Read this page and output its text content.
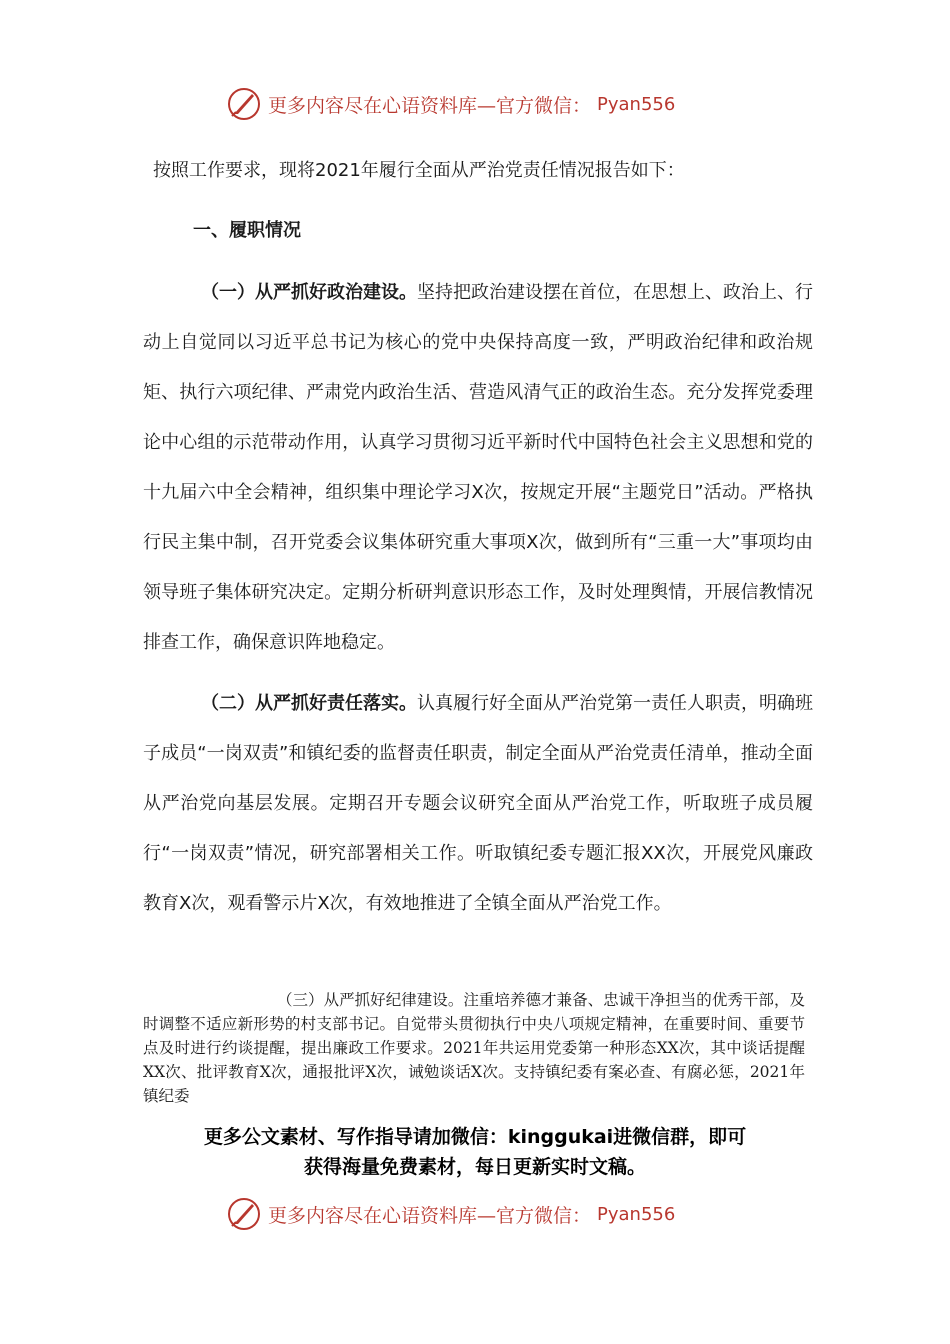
更多内容尽在心语资料库—官方微信： Pyan556
按照工作要求，现将2021年履行全面从严治党责任情况报告如下：
一、履职情况

（一）从严抓好政治建设。坚持把政治建设摆在首位，在思想上、政治上、行动上自觉同以习近平总书记为核心的党中央保持高度一致，严明政治纪律和政治规矩、执行六项纪律、严肃党内政治生活、营造风清气正的政治生态。充分发挥党委理论中心组的示范带动作用，认真学习贯彻习近平新时代中国特色社会主义思想和党的十九届六中全会精神，组织集中理论学习X次，按规定开展“主题党日”活动。严格执行民主集中制，召开党委会议集体研究重大事项X次，做到所有“三重一大”事项均由领导班子集体研究决定。定期分析研判意识形态工作，及时处理舆情，开展信教情况排查工作，确保意识阵地稳定。

（二）从严抓好责任落实。认真履行好全面从严治党第一责任人职责，明确班子成员“一岗双责”和镇纪委的监督责任职责，制定全面从严治党责任清单，推动全面从严治党向基层发展。定期召开专题会议研究全面从严治党工作，听取班子成员履行“一岗双责”情况，研究部署相关工作。听取镇纪委专题汇报XX次，开展党风廉政教育X次，观看警示片X次，有效地推进了全镇全面从严治党工作。

（三）从严抓好纪律建设。注重培养德才兼备、忠诚干净担当的优秀干部，及时调整不适应新形势的村支部书记。自觉带头贯彻执行中央八项规定精神，在重要时间、重要节点及时进行约谈提醒，提出廉政工作要求。2021年共运用党委第一种形态XX次，其中谈话提醒XX次、批评教育X次，通报批评X次，诫勉谈话X次。支持镇纪委有案必查、有腐必惩，2021年镇纪委

更多公文素材、写作指导请加微信：kinggukai进微信群，即可
获得海量免费素材，每日更新实时文稿。
更多内容尽在心语资料库—官方微信： Pyan556
